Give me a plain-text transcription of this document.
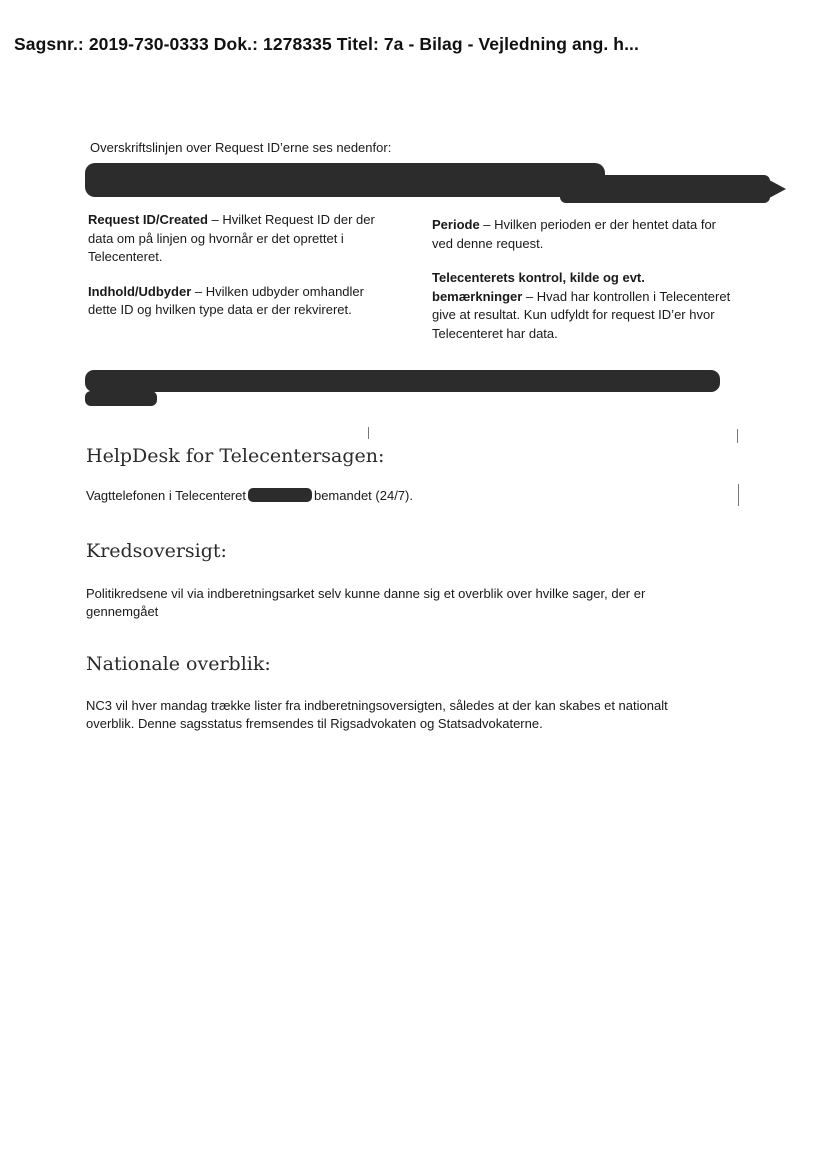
Sagsnr.: 2019-730-0333 Dok.: 1278335 Titel: 7a - Bilag - Vejledning ang. h...
Overskriftslinjen over Request ID’erne ses nedenfor:

Request ID/Created – Hvilket Request ID der der data om på linjen og hvornår er det oprettet i Telecenteret.

Indhold/Udbyder – Hvilken udbyder omhandler dette ID og hvilken type data er der rekvireret.

Periode – Hvilken perioden er der hentet data for ved denne request.

Telecenterets kontrol, kilde og evt. bemærkninger – Hvad har kontrollen i Telecenteret give at resultat. Kun udfyldt for request ID’er hvor Telecenteret har data.

HelpDesk for Telecentersagen:
Vagttelefonen i Telecenteret	bemandet (24/7).
Kredsoversigt:
Politikredsene vil via indberetningsarket selv kunne danne sig et overblik over hvilke sager, der er gennemgået
Nationale overblik:
NC3 vil hver mandag trække lister fra indberetningsoversigten, således at der kan skabes et nationalt overblik. Denne sagsstatus fremsendes til Rigsadvokaten og Statsadvokaterne.
